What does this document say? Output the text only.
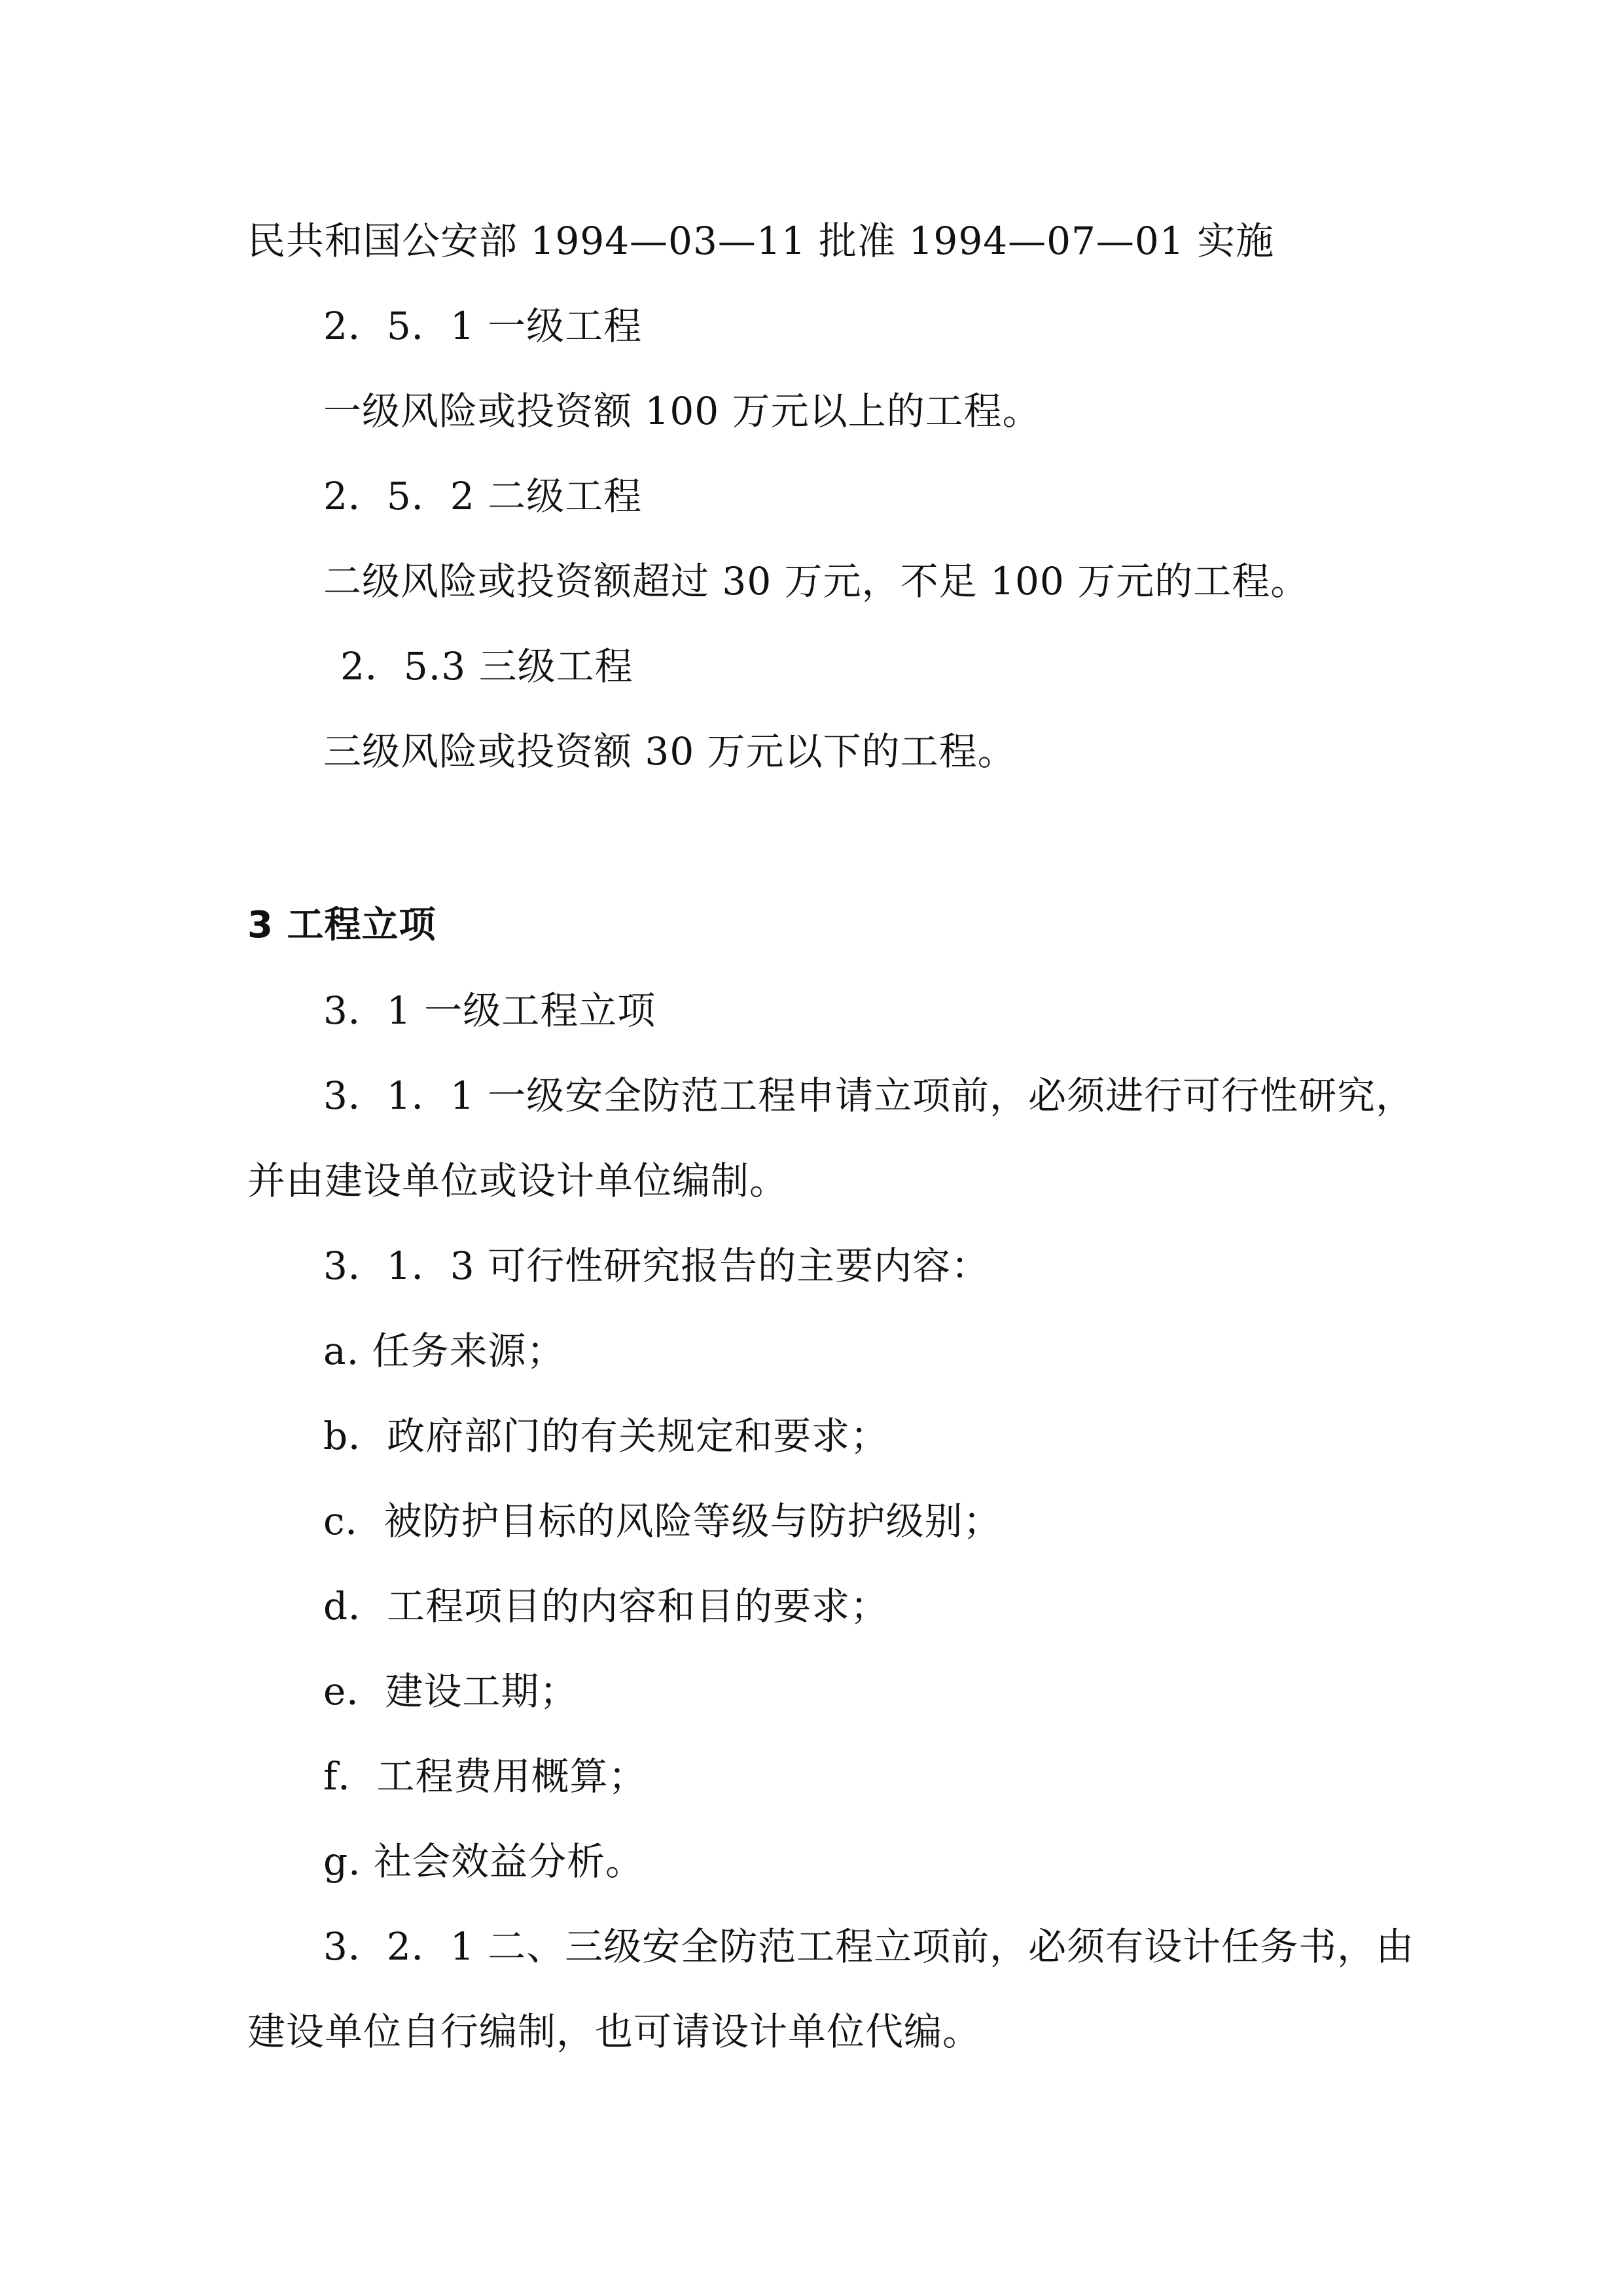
民共和国公安部 1994—03—11 批准 1994—07—01 实施
2．5．1 一级工程
一级风险或投资额 100 万元以上的工程。
2．5．2 二级工程
二级风险或投资额超过 30 万元，不足 100 万元的工程。
2．5.3 三级工程
三级风险或投资额 30 万元以下的工程。
3 工程立项
3．1 一级工程立项
3．1．1 一级安全防范工程申请立项前，必须进行可行性研究，
并由建设单位或设计单位编制。
3．1．3 可行性研究报告的主要内容：
a. 任务来源；
b．政府部门的有关规定和要求；
c．被防护目标的风险等级与防护级别；
d．工程项目的内容和目的要求；
e．建设工期；
f．工程费用概算；
g. 社会效益分析。
3．2．1 二、三级安全防范工程立项前，必须有设计任务书，由
建设单位自行编制，也可请设计单位代编。
